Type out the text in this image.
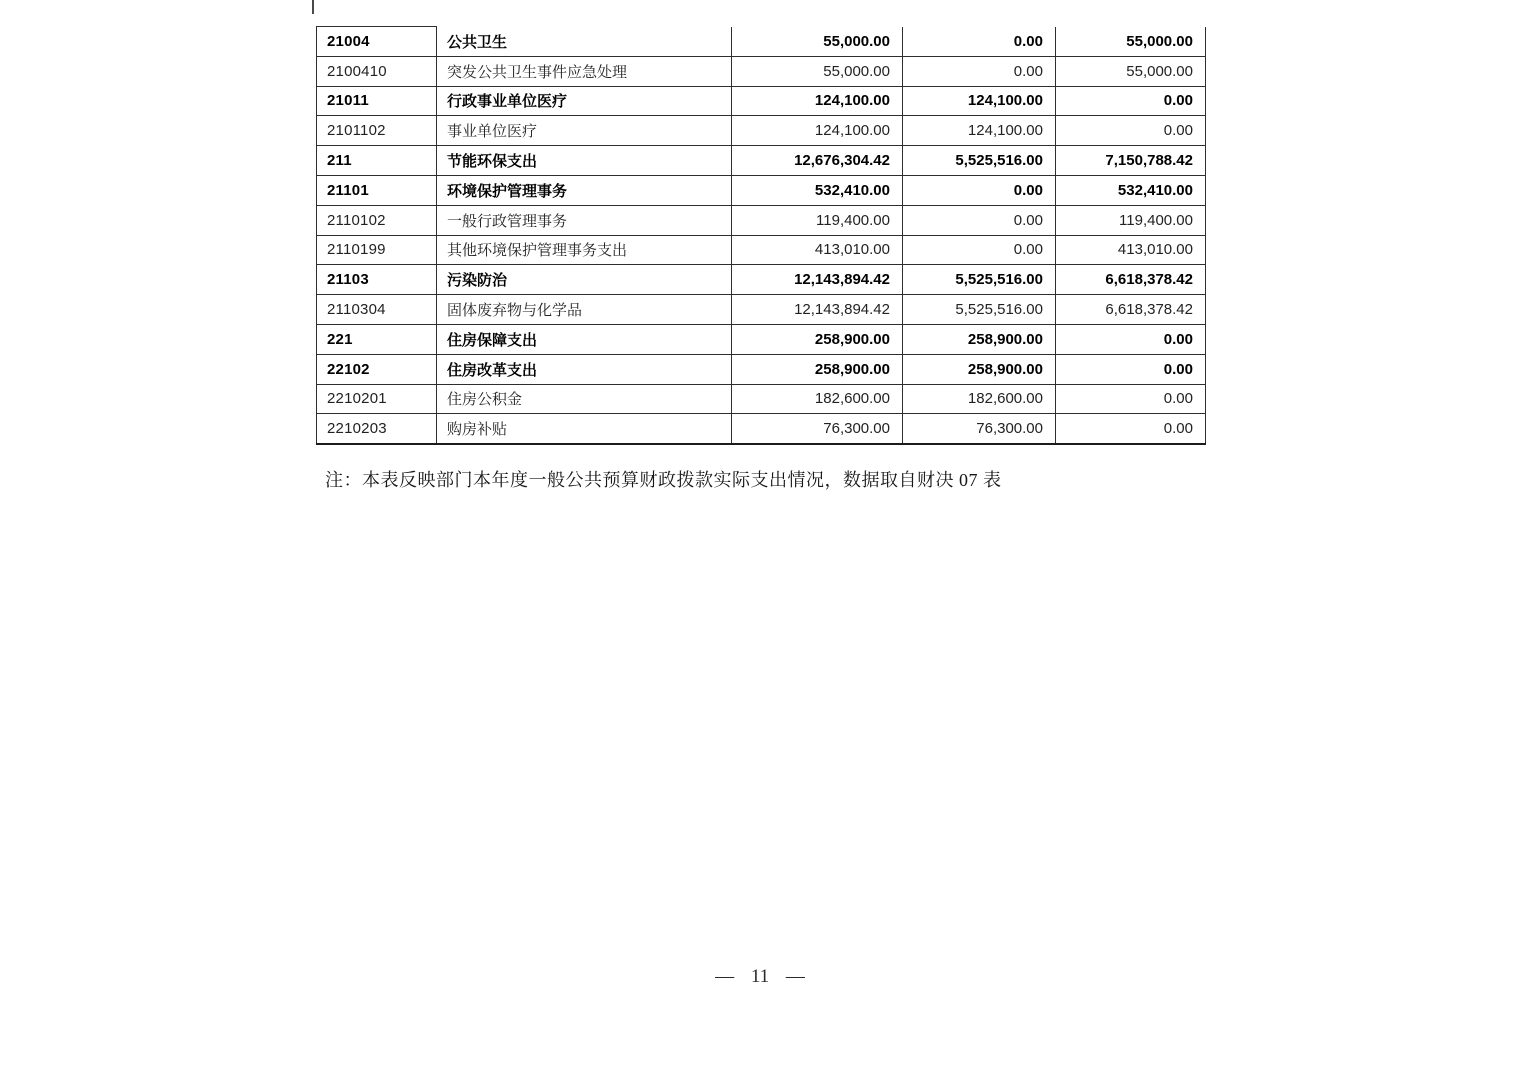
21004	公共卫生	55,000.00	0.00	55,000.00
2100410	突发公共卫生事件应急处理	55,000.00	0.00	55,000.00
21011	行政事业单位医疗	124,100.00	124,100.00	0.00
2101102	事业单位医疗	124,100.00	124,100.00	0.00
211	节能环保支出	12,676,304.42	5,525,516.00	7,150,788.42
21101	环境保护管理事务	532,410.00	0.00	532,410.00
2110102	一般行政管理事务	119,400.00	0.00	119,400.00
2110199	其他环境保护管理事务支出	413,010.00	0.00	413,010.00
21103	污染防治	12,143,894.42	5,525,516.00	6,618,378.42
2110304	固体废弃物与化学品	12,143,894.42	5,525,516.00	6,618,378.42
221	住房保障支出	258,900.00	258,900.00	0.00
22102	住房改革支出	258,900.00	258,900.00	0.00
2210201	住房公积金	182,600.00	182,600.00	0.00
2210203	购房补贴	76,300.00	76,300.00	0.00
注：本表反映部门本年度一般公共预算财政拨款实际支出情况，数据取自财决 07 表
— 11 —
